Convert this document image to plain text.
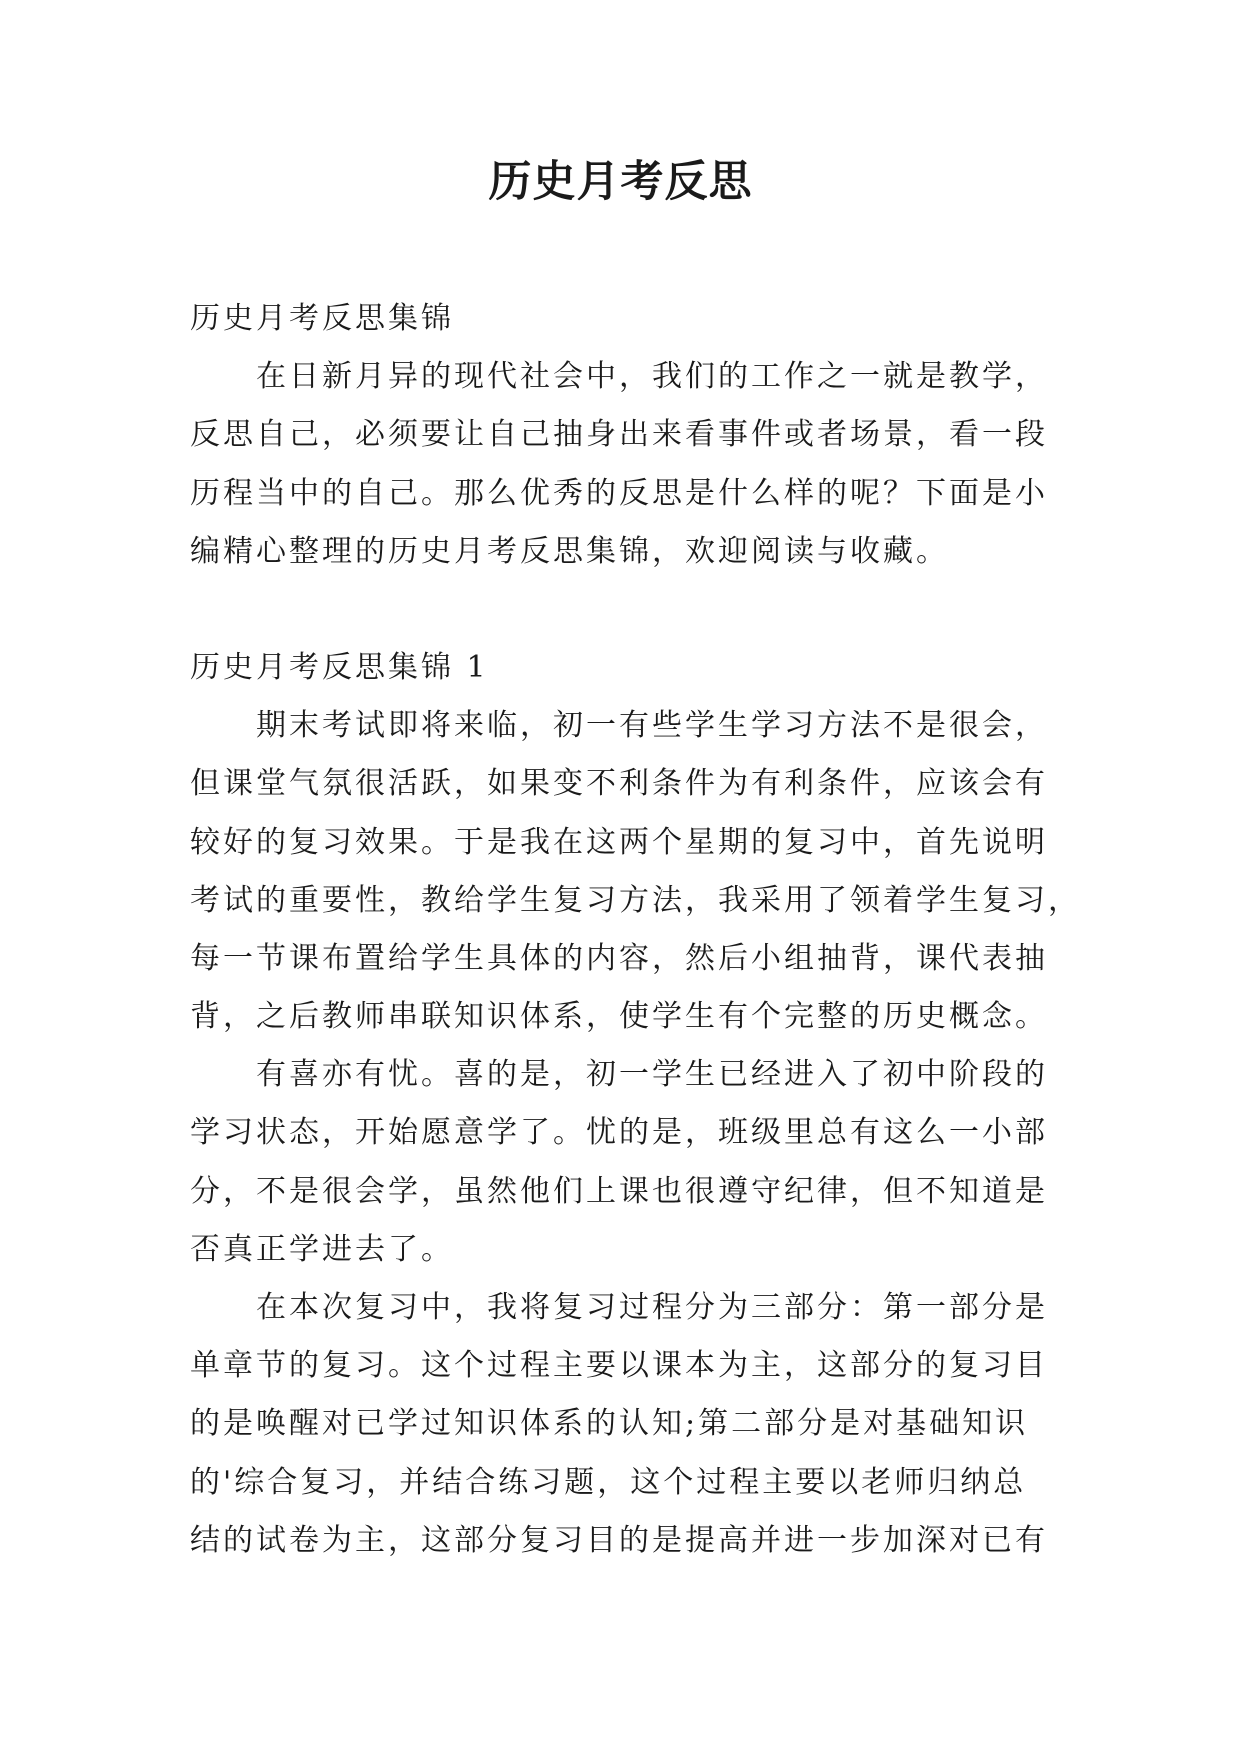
历史月考反思
历史月考反思集锦
在日新月异的现代社会中，我们的工作之一就是教学，
反思自己，必须要让自己抽身出来看事件或者场景，看一段
历程当中的自己。那么优秀的反思是什么样的呢？下面是小
编精心整理的历史月考反思集锦，欢迎阅读与收藏。
历史月考反思集锦 1
期末考试即将来临，初一有些学生学习方法不是很会，
但课堂气氛很活跃，如果变不利条件为有利条件，应该会有
较好的复习效果。于是我在这两个星期的复习中，首先说明
考试的重要性，教给学生复习方法，我采用了领着学生复习，
每一节课布置给学生具体的内容，然后小组抽背，课代表抽
背，之后教师串联知识体系，使学生有个完整的历史概念。
有喜亦有忧。喜的是，初一学生已经进入了初中阶段的
学习状态，开始愿意学了。忧的是，班级里总有这么一小部
分，不是很会学，虽然他们上课也很遵守纪律，但不知道是
否真正学进去了。
在本次复习中，我将复习过程分为三部分：第一部分是
单章节的复习。这个过程主要以课本为主，这部分的复习目
的是唤醒对已学过知识体系的认知;第二部分是对基础知识
的'综合复习，并结合练习题，这个过程主要以老师归纳总
结的试卷为主，这部分复习目的是提高并进一步加深对已有
